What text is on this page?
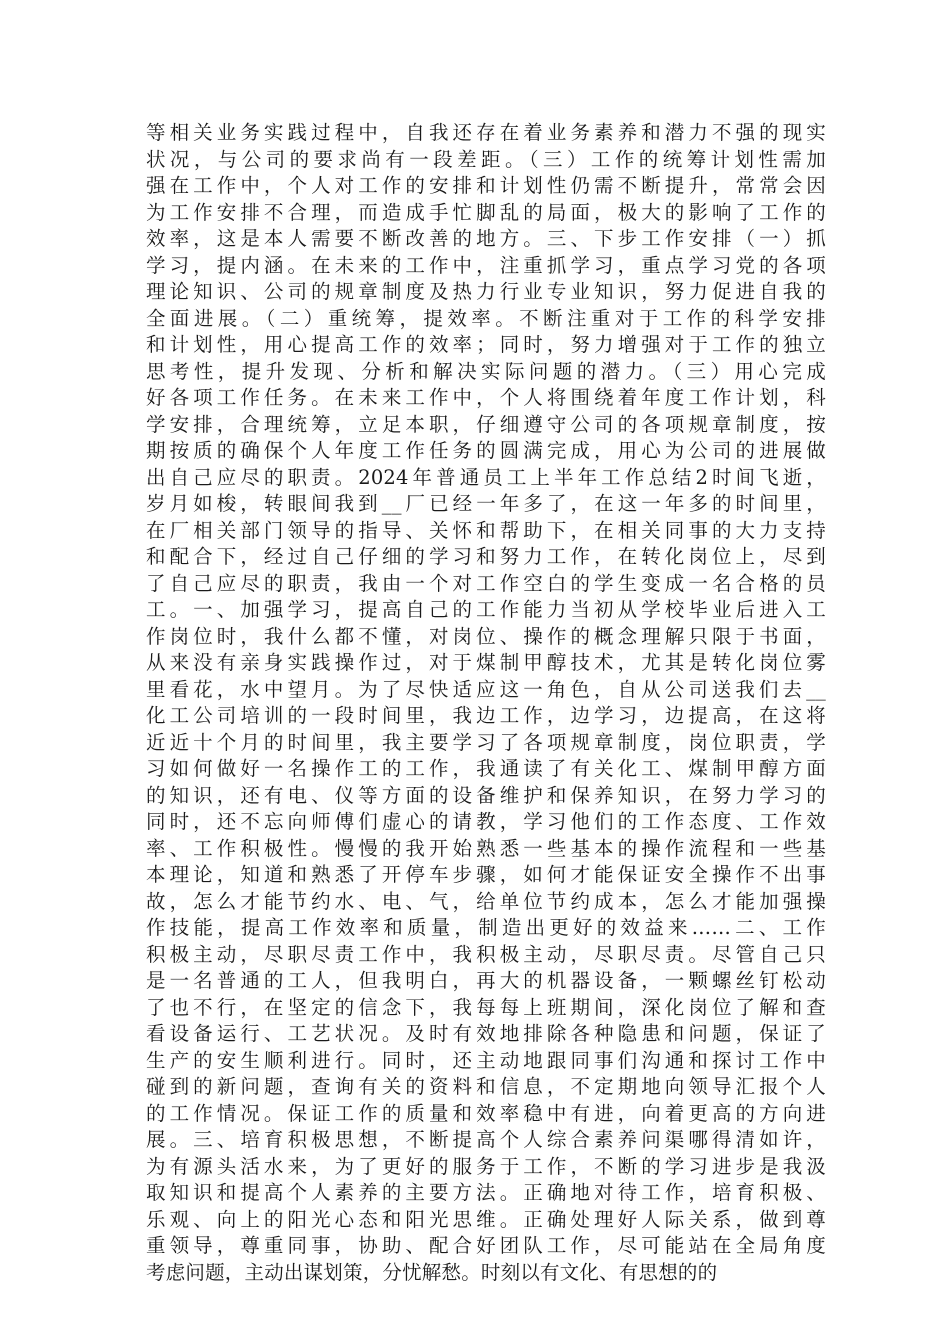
等相关业务实践过程中，自我还存在着业务素养和潜力不强的现实
状况，与公司的要求尚有一段差距。（三）工作的统筹计划性需加
强在工作中，个人对工作的安排和计划性仍需不断提升，常常会因
为工作安排不合理，而造成手忙脚乱的局面，极大的影响了工作的
效率，这是本人需要不断改善的地方。三、下步工作安排（一）抓
学习，提内涵。在未来的工作中，注重抓学习，重点学习党的各项
理论知识、公司的规章制度及热力行业专业知识，努力促进自我的
全面进展。（二）重统筹，提效率。不断注重对于工作的科学安排
和计划性，用心提高工作的效率；同时，努力增强对于工作的独立
思考性，提升发现、分析和解决实际问题的潜力。（三）用心完成
好各项工作任务。在未来工作中，个人将围绕着年度工作计划，科
学安排，合理统筹，立足本职，仔细遵守公司的各项规章制度，按
期按质的确保个人年度工作任务的圆满完成，用心为公司的进展做
出自己应尽的职责。2024年普通员工上半年工作总结2时间飞逝，
岁月如梭，转眼间我到__厂已经一年多了，在这一年多的时间里，
在厂相关部门领导的指导、关怀和帮助下，在相关同事的大力支持
和配合下，经过自己仔细的学习和努力工作，在转化岗位上，尽到
了自己应尽的职责，我由一个对工作空白的学生变成一名合格的员
工。一、加强学习，提高自己的工作能力当初从学校毕业后进入工
作岗位时，我什么都不懂，对岗位、操作的概念理解只限于书面，
从来没有亲身实践操作过，对于煤制甲醇技术，尤其是转化岗位雾
里看花，水中望月。为了尽快适应这一角色，自从公司送我们去__
化工公司培训的一段时间里，我边工作，边学习，边提高，在这将
近近十个月的时间里，我主要学习了各项规章制度，岗位职责，学
习如何做好一名操作工的工作，我通读了有关化工、煤制甲醇方面
的知识，还有电、仪等方面的设备维护和保养知识，在努力学习的
同时，还不忘向师傅们虚心的请教，学习他们的工作态度、工作效
率、工作积极性。慢慢的我开始熟悉一些基本的操作流程和一些基
本理论，知道和熟悉了开停车步骤，如何才能保证安全操作不出事
故，怎么才能节约水、电、气，给单位节约成本，怎么才能加强操
作技能，提高工作效率和质量，制造出更好的效益来……二、工作
积极主动，尽职尽责工作中，我积极主动，尽职尽责。尽管自己只
是一名普通的工人，但我明白，再大的机器设备，一颗螺丝钉松动
了也不行，在坚定的信念下，我每每上班期间，深化岗位了解和查
看设备运行、工艺状况。及时有效地排除各种隐患和问题，保证了
生产的安生顺利进行。同时，还主动地跟同事们沟通和探讨工作中
碰到的新问题，查询有关的资料和信息，不定期地向领导汇报个人
的工作情况。保证工作的质量和效率稳中有进，向着更高的方向进
展。三、培育积极思想，不断提高个人综合素养问渠哪得清如许，
为有源头活水来，为了更好的服务于工作，不断的学习进步是我汲
取知识和提高个人素养的主要方法。正确地对待工作，培育积极、
乐观、向上的阳光心态和阳光思维。正确处理好人际关系，做到尊
重领导，尊重同事，协助、配合好团队工作，尽可能站在全局角度
考虑问题，主动出谋划策，分忧解愁。时刻以有文化、有思想的的
